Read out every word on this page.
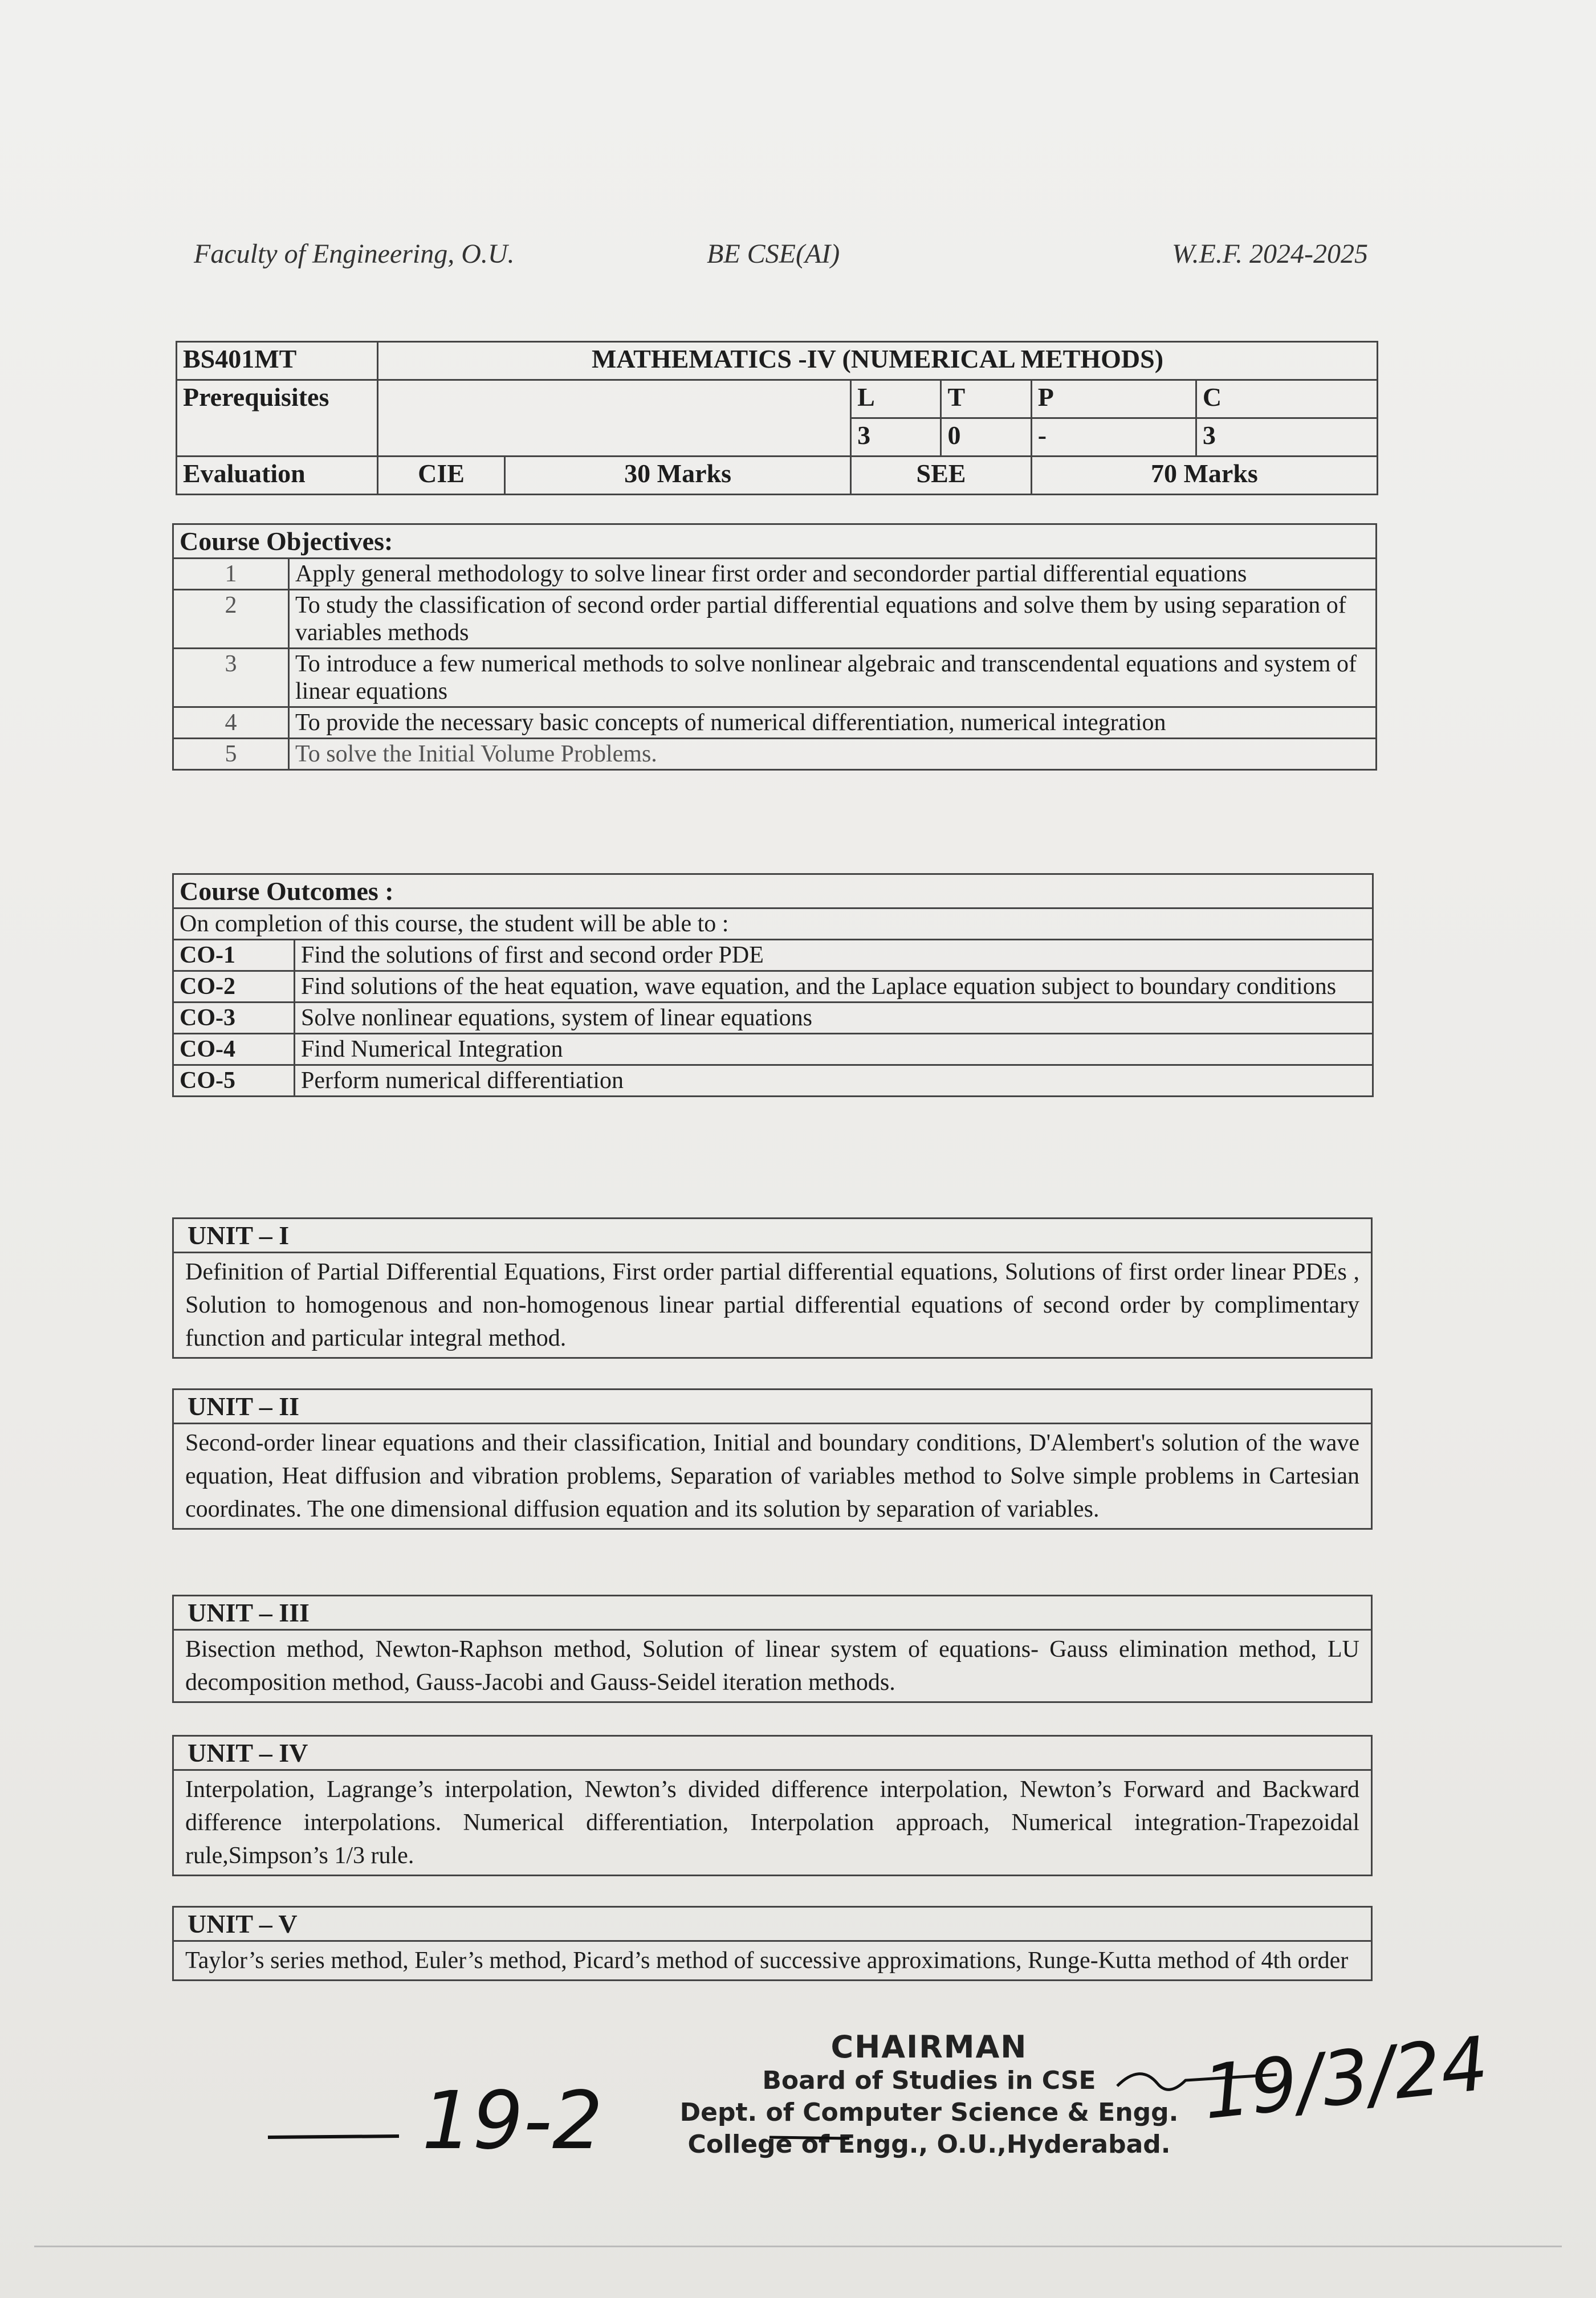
Faculty of Engineering, O.U.	BE CSE(AI)	W.E.F. 2024-2025
BS401MT	MATHEMATICS -IV (NUMERICAL METHODS)					
Prerequisites			L	T	P	C
			3	0	-	3
Evaluation	CIE	30 Marks	SEE		70 Marks	
Course Objectives:	
1	Apply general methodology to solve linear first order and secondorder partial differential equations
2	To study the classification of second order partial differential equations and solve them by using separation of variables methods
3	To introduce a few numerical methods to solve nonlinear algebraic and transcendental equations and system of linear equations
4	To provide the necessary basic concepts of numerical differentiation, numerical integration
5	To solve the Initial Volume Problems.
Course Outcomes :	
On completion of this course, the student will be able to :	
CO-1	Find the solutions of first and second order PDE
CO-2	Find solutions of the heat equation, wave equation, and the Laplace equation subject to boundary conditions
CO-3	Solve nonlinear equations, system of linear equations
CO-4	Find Numerical Integration
CO-5	Perform numerical differentiation
UNIT – I
Definition of Partial Differential Equations, First order partial differential equations, Solutions of first order linear PDEs , Solution to homogenous and non-homogenous linear partial differential equations of second order by complimentary function and particular integral method.
UNIT – II
Second-order linear equations and their classification, Initial and boundary conditions, D'Alembert's solution of the wave equation, Heat diffusion and vibration problems, Separation of variables method to Solve simple problems in Cartesian coordinates. The one dimensional diffusion equation and its solution by separation of variables.
UNIT – III
Bisection method, Newton-Raphson method, Solution of linear system of equations- Gauss elimination method, LU decomposition method, Gauss-Jacobi and Gauss-Seidel iteration methods.
UNIT – IV
Interpolation, Lagrange’s interpolation, Newton’s divided difference interpolation, Newton’s Forward and Backward difference interpolations. Numerical differentiation, Interpolation approach, Numerical integration-Trapezoidal rule,Simpson’s 1/3 rule.
UNIT – V
Taylor’s series method, Euler’s method, Picard’s method of successive approximations, Runge-Kutta method of 4th order
CHAIRMAN
Board of Studies in CSE
Dept. of Computer Science & Engg.
College of Engg., O.U.,Hyderabad.
19-2	19/3/24
